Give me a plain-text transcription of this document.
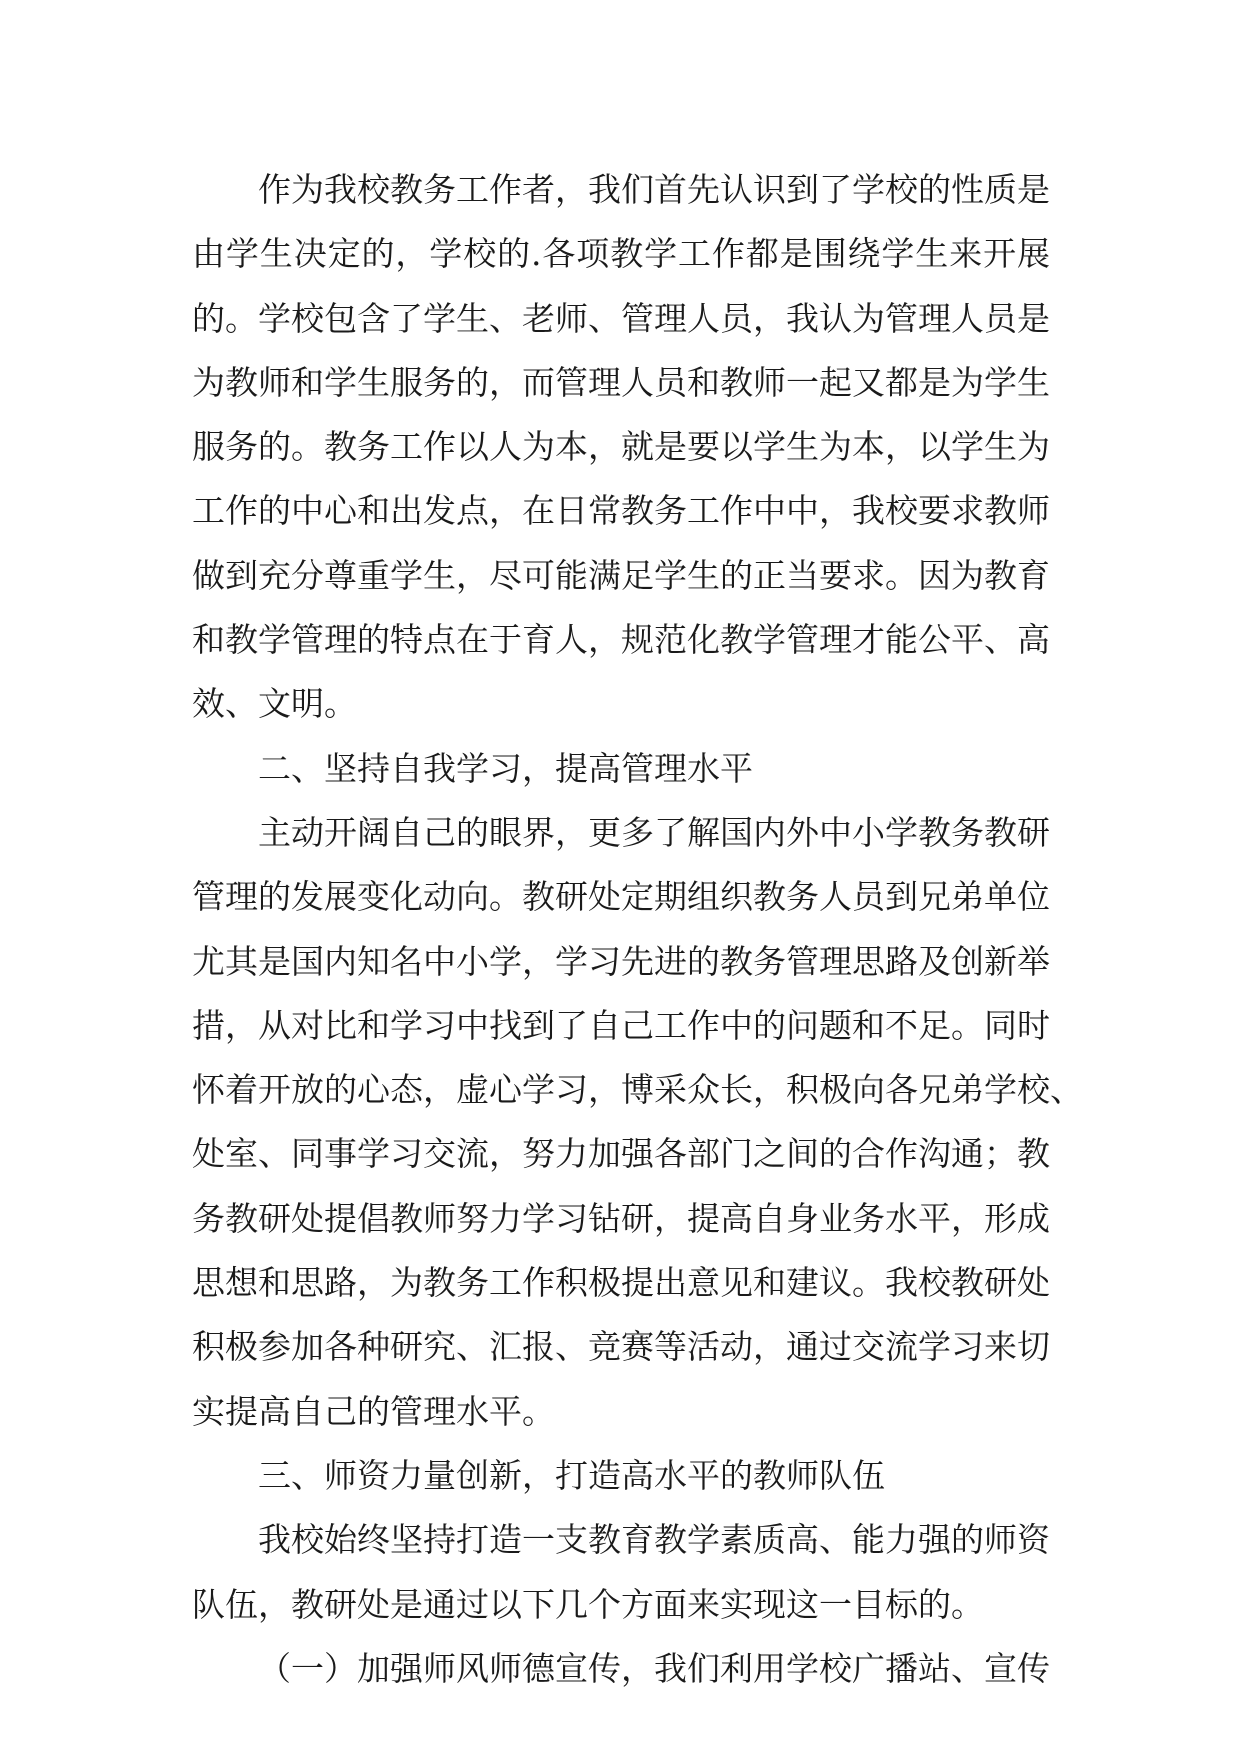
作为我校教务工作者，我们首先认识到了学校的性质是
由学生决定的，学校的.各项教学工作都是围绕学生来开展
的。学校包含了学生、老师、管理人员，我认为管理人员是
为教师和学生服务的，而管理人员和教师一起又都是为学生
服务的。教务工作以人为本，就是要以学生为本，以学生为
工作的中心和出发点，在日常教务工作中中，我校要求教师
做到充分尊重学生，尽可能满足学生的正当要求。因为教育
和教学管理的特点在于育人，规范化教学管理才能公平、高
效、文明。
二、坚持自我学习，提高管理水平
主动开阔自己的眼界，更多了解国内外中小学教务教研
管理的发展变化动向。教研处定期组织教务人员到兄弟单位
尤其是国内知名中小学，学习先进的教务管理思路及创新举
措，从对比和学习中找到了自己工作中的问题和不足。同时
怀着开放的心态，虚心学习，博采众长，积极向各兄弟学校、
处室、同事学习交流，努力加强各部门之间的合作沟通；教
务教研处提倡教师努力学习钻研，提高自身业务水平，形成
思想和思路，为教务工作积极提出意见和建议。我校教研处
积极参加各种研究、汇报、竞赛等活动，通过交流学习来切
实提高自己的管理水平。
三、师资力量创新，打造高水平的教师队伍
我校始终坚持打造一支教育教学素质高、能力强的师资
队伍，教研处是通过以下几个方面来实现这一目标的。
（一）加强师风师德宣传，我们利用学校广播站、宣传
